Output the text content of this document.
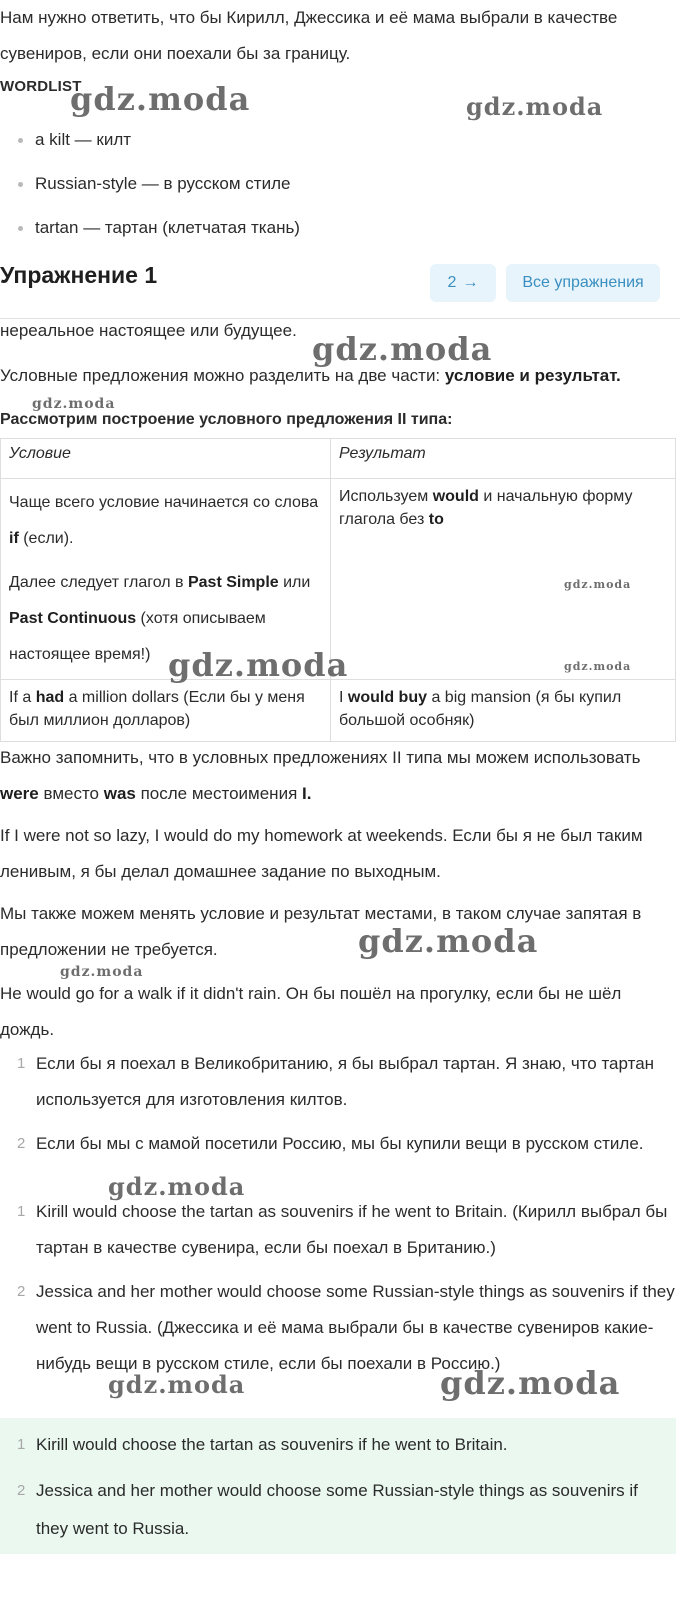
Нам нужно ответить, что бы Кирилл, Джессика и её мама выбрали в качестве сувениров, если они поехали бы за границу.
WORDLIST
a kilt — килт
Russian-style — в русском стиле
tartan — тартан (клетчатая ткань)
Упражнение 1	2 →	Все упражнения
нереальное настоящее или будущее.
Условные предложения можно разделить на две части: условие и результат.
Рассмотрим построение условного предложения II типа:
Условие	Результат

Чаще всего условие начинается со слова if (если).
Далее следует глагол в Past Simple или Past Continuous (хотя описываем настоящее время!)	Используем would и начальную форму глагола без to

If a had a million dollars (Если бы у меня был миллион долларов)	I would buy a big mansion (я бы купил большой особняк)
Важно запомнить, что в условных предложениях II типа мы можем использовать were вместо was после местоимения I.
If I were not so lazy, I would do my homework at weekends. Если бы я не был таким ленивым, я бы делал домашнее задание по выходным.
Мы также можем менять условие и результат местами, в таком случае запятая в предложении не требуется.
He would go for a walk if it didn't rain. Он бы пошёл на прогулку, если бы не шёл дождь.
1 Если бы я поехал в Великобританию, я бы выбрал тартан. Я знаю, что тартан используется для изготовления килтов.
2 Если бы мы с мамой посетили Россию, мы бы купили вещи в русском стиле.
1 Kirill would choose the tartan as souvenirs if he went to Britain. (Кирилл выбрал бы тартан в качестве сувенира, если бы поехал в Британию.)
2 Jessica and her mother would choose some Russian-style things as souvenirs if they went to Russia. (Джессика и её мама выбрали бы в качестве сувениров какие-нибудь вещи в русском стиле, если бы поехали в Россию.)
1 Kirill would choose the tartan as souvenirs if he went to Britain.
2 Jessica and her mother would choose some Russian-style things as souvenirs if they went to Russia.
gdz.moda	gdz.moda
gdz.moda
gdz.moda
gdz.moda
gdz.moda	gdz.moda
gdz.moda
gdz.moda
gdz.moda
gdz.moda	gdz.moda
